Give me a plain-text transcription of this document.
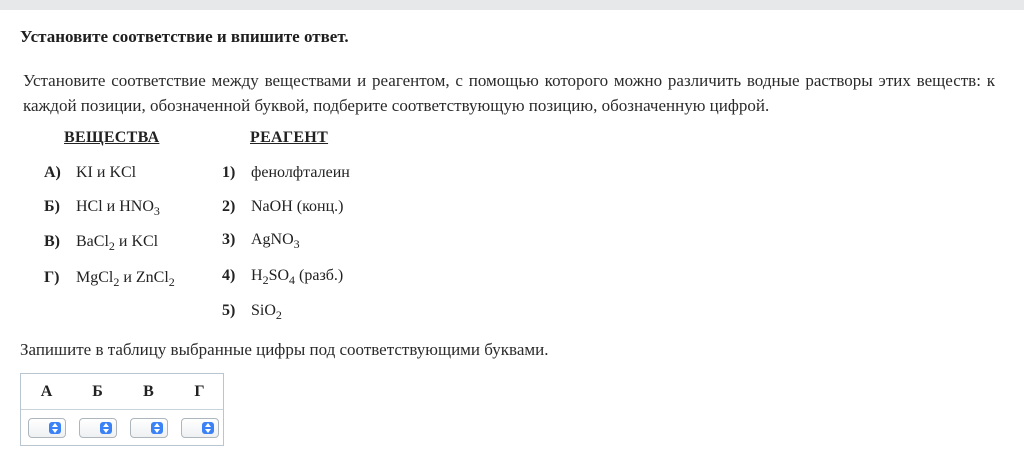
Установите соответствие и впишите ответ.
Установите соответствие между веществами и реагентом, с помощью которого можно различить водные растворы этих веществ: к каждой позиции, обозначенной буквой, подберите соответствующую позицию, обозначенную цифрой.
ВЕЩЕСТВА	РЕАГЕНТ
А) KI и KCl
Б) HCl и $HNO_3$
В) BaCl$_2$ и KCl
Г) MgCl$_2$ и ZnCl$_2$
1) фенолфталеин
2) NaOH (конц.)
3) AgNO$_3$
4) $H_2SO_4$ (разб.)
5) SiO$_2$
Запишите в таблицу выбранные цифры под соответствующими буквами.
А	Б	В	Г
